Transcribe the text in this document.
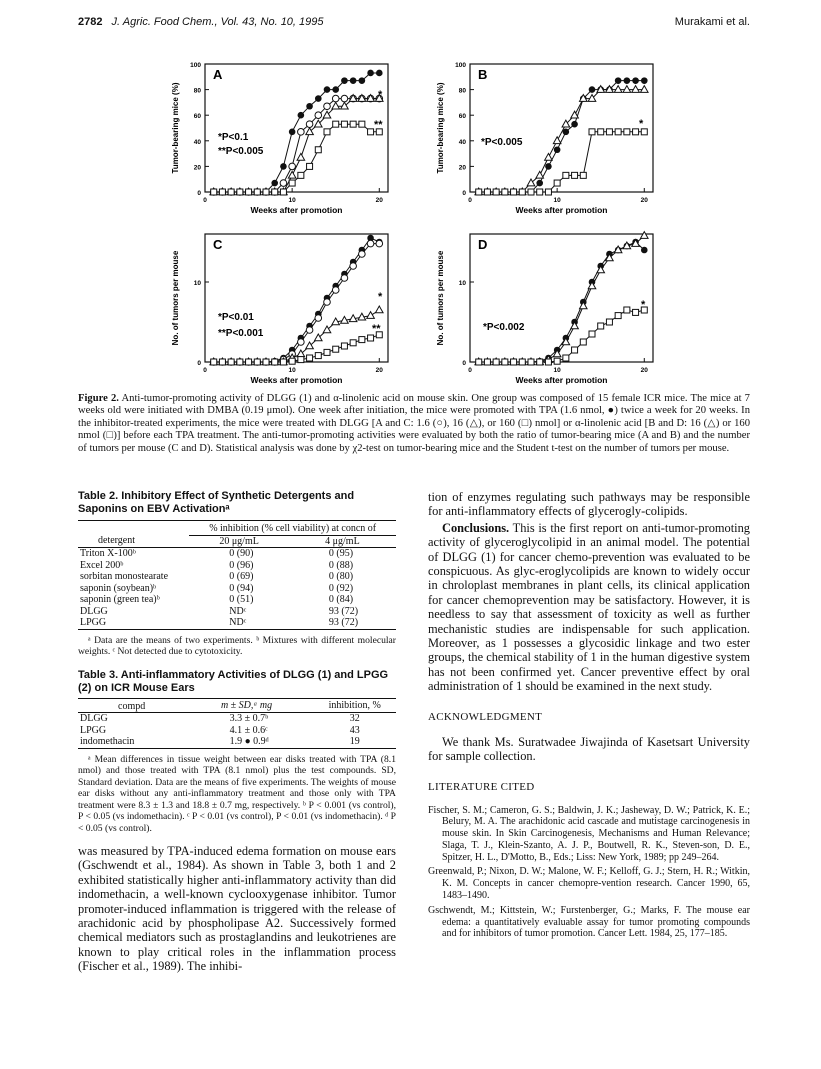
2782 J. Agric. Food Chem., Vol. 43, No. 10, 1995	Murakami et al.
0
20
40
60
80
100
0	10	20
Weeks after promotion
Tumor-bearing mice (%)
A
*P<0.1
**P<0.005
*
**
0
20
40
60
80
100
0	10	20
Weeks after promotion
Tumor-bearing mice (%)
B
*P<0.005
*
0
10
0	10	20
Weeks after promotion
No. of tumors per mouse
C
*P<0.01
**P<0.001
*
**
0
10
0	10	20
Weeks after promotion
No. of tumors per mouse
D
*P<0.002
*
Figure 2. Anti-tumor-promoting activity of DLGG (1) and α-linolenic acid on mouse skin. One group was composed of 15 female ICR mice. The mice at 7 weeks old were initiated with DMBA (0.19 μmol). One week after initiation, the mice were promoted with TPA (1.6 nmol, ●) twice a week for 20 weeks. In the inhibitor-treated experiments, the mice were treated with DLGG [A and C: 1.6 (○), 16 (△), or 160 (□) nmol] or α-linolenic acid [B and D: 16 (△) or 160 nmol (□)] before each TPA treatment. The anti-tumor-promoting activities were evaluated by both the ratio of tumor-bearing mice (A and B) and the number of tumors per mouse (C and D). Statistical analysis was done by χ2-test on tumor-bearing mice and the Student t-test on the number of tumors per mouse.
Table 2. Inhibitory Effect of Synthetic Detergents and Saponins on EBV Activationᵃ
	% inhibition (% cell viability) at concn of	
detergent	20 μg/mL	4 μg/mL
Triton X-100ᵇ	0 (90)	0 (95)
Excel 200ᵇ	0 (96)	0 (88)
sorbitan monostearate	0 (69)	0 (80)
saponin (soybean)ᵇ	0 (94)	0 (92)
saponin (green tea)ᵇ	0 (51)	0 (84)
DLGG	NDᶜ	93 (72)
LPGG	NDᶜ	93 (72)
ᵃ Data are the means of two experiments. ᵇ Mixtures with different molecular weights. ᶜ Not detected due to cytotoxicity.
Table 3. Anti-inflammatory Activities of DLGG (1) and LPGG (2) on ICR Mouse Ears
compd	m ± SD,ᵃ mg	inhibition, %
DLGG	3.3 ± 0.7ᵇ	32
LPGG	4.1 ± 0.6ᶜ	43
indomethacin	1.9 ● 0.9ᵈ	19
ᵃ Mean differences in tissue weight between ear disks treated with TPA (8.1 nmol) and those treated with TPA (8.1 nmol) plus the test compounds. SD, Standard deviation. Data are the means of five experiments. The weights of mouse ear disks without any anti-inflammatory treatment and those only with TPA treatment were 8.3 ± 1.3 and 18.8 ± 0.7 mg, respectively. ᵇ P < 0.001 (vs control), P < 0.05 (vs indomethacin). ᶜ P < 0.01 (vs control), P < 0.01 (vs indomethacin). ᵈ P < 0.05 (vs control).
was measured by TPA-induced edema formation on mouse ears (Gschwendt et al., 1984). As shown in Table 3, both 1 and 2 exhibited statistically higher anti-inflammatory activity than did indomethacin, a well-known cyclooxygenase inhibitor. Tumor promoter-induced inflammation is triggered with the release of arachidonic acid by phospholipase A2. Successively formed chemical mediators such as prostaglandins and leukotrienes are known to play critical roles in the inflammation process (Fischer et al., 1989). The inhibi-
tion of enzymes regulating such pathways may be responsible for anti-inflammatory effects of glycerogly-colipids.
Conclusions. This is the first report on anti-tumor-promoting activity of glyceroglycolipid in an animal model. The potential of DLGG (1) for cancer chemo-prevention was evaluated to be conspicuous. As glyc-eroglycolipids are known to widely occur in chroloplast membranes in plant cells, its clinical application for cancer chemoprevention may be satisfactory. However, it is needless to say that assessment of toxicity as well as further mechanistic studies are indispensable for such application. Moreover, as 1 possesses a glycosidic linkage and two ester groups, the chemical stability of 1 in the human digestive system has not been confirmed yet. Cancer preventive effect by oral administration of 1 should be examined in the next study.
ACKNOWLEDGMENT
We thank Ms. Suratwadee Jiwajinda of Kasetsart University for sample collection.
LITERATURE CITED

Fischer, S. M.; Cameron, G. S.; Baldwin, J. K.; Jasheway, D. W.; Patrick, K. E.; Belury, M. A. The arachidonic acid cascade and mutistage carcinogenesis in mouse skin. In Skin Carcinogenesis, Mechanisms and Human Relevance; Slaga, T. J., Klein-Szanto, A. J. P., Boutwell, R. K., Steven-son, D. E., Spitzer, H. L., D'Motto, B., Eds.; Liss: New York, 1989; pp 249–264.

Greenwald, P.; Nixon, D. W.; Malone, W. F.; Kelloff, G. J.; Stern, H. R.; Witkin, K. M. Concepts in cancer chemopre-vention research. Cancer 1990, 65, 1483–1490.

Gschwendt, M.; Kittstein, W.; Furstenberger, G.; Marks, F. The mouse ear edema: a quantitatively evaluable assay for tumor promoting compounds and for inhibitors of tumor promotion. Cancer Lett. 1984, 25, 177–185.
